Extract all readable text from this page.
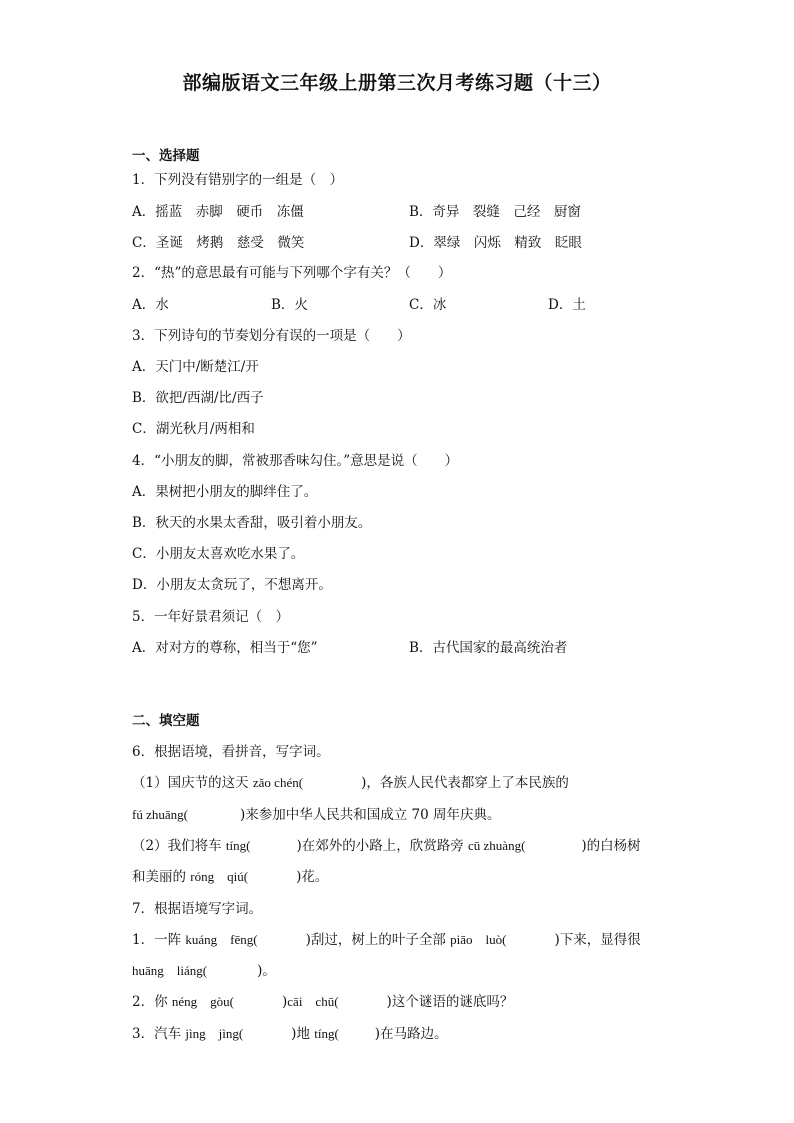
部编版语文三年级上册第三次月考练习题（十三）
一、选择题
1．下列没有错别字的一组是（　）
A．摇蓝　赤脚　硬币　冻僵	B．奇异　裂缝　己经　厨窗
C．圣诞　烤鹅　慈受　微笑	D．翠绿　闪烁　精致　眨眼
2．“热”的意思最有可能与下列哪个字有关？（　　）
A．水	B．火	C．冰	D．土
3．下列诗句的节奏划分有误的一项是（　　）
A．天门中/断楚江/开
B．欲把/西湖/比/西子
C．湖光秋月/两相和
4．“小朋友的脚，常被那香味勾住。”意思是说（　　）
A．果树把小朋友的脚绊住了。
B．秋天的水果太香甜，吸引着小朋友。
C．小朋友太喜欢吃水果了。
D．小朋友太贪玩了，不想离开。
5．一年好景君须记（　）
A．对对方的尊称，相当于“您”	B．古代国家的最高统治者
二、填空题
6．根据语境，看拼音，写字词。
（1）国庆节的这天 zǎo chén(	)，各族人民代表都穿上了本民族的
fú zhuāng(	)来参加中华人民共和国成立 70 周年庆典。
（2）我们将车 tíng(	)在郊外的小路上，欣赏路旁 cū zhuàng(	)的白杨树
和美丽的 róng　qiú(	)花。
7．根据语境写字词。
1．一阵 kuáng　fēng(	)刮过，树上的叶子全部 piāo　luò(	)下来，显得很
huāng　liáng(	)。
2．你 néng　gòu(	)cāi　chū(	)这个谜语的谜底吗？
3．汽车 jìng　jìng(	)地 tíng(	)在马路边。
